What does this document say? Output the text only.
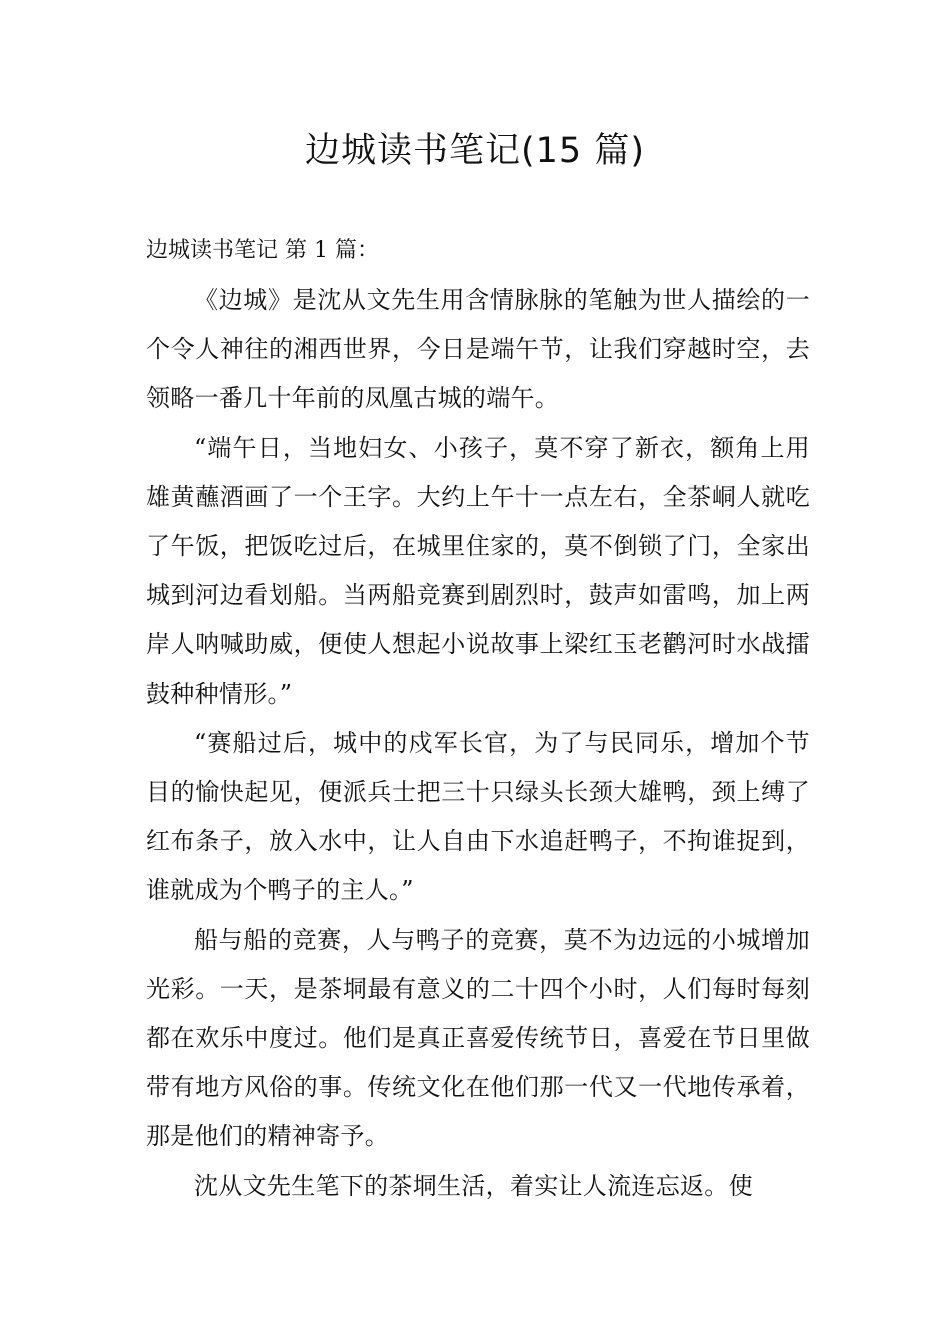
边城读书笔记(15 篇)

边城读书笔记 第 1 篇：

《边城》是沈从文先生用含情脉脉的笔触为世人描绘的一个令人神往的湘西世界，今日是端午节，让我们穿越时空，去领略一番几十年前的凤凰古城的端午。

“端午日，当地妇女、小孩子，莫不穿了新衣，额角上用雄黄蘸酒画了一个王字。大约上午十一点左右，全茶峒人就吃了午饭，把饭吃过后，在城里住家的，莫不倒锁了门，全家出城到河边看划船。当两船竞赛到剧烈时，鼓声如雷鸣，加上两岸人呐喊助威，便使人想起小说故事上梁红玉老鹳河时水战擂鼓种种情形。”

“赛船过后，城中的戍军长官，为了与民同乐，增加个节目的愉快起见，便派兵士把三十只绿头长颈大雄鸭，颈上缚了红布条子，放入水中，让人自由下水追赶鸭子，不拘谁捉到，谁就成为个鸭子的主人。”

船与船的竞赛，人与鸭子的竞赛，莫不为边远的小城增加光彩。一天，是茶垌最有意义的二十四个小时，人们每时每刻都在欢乐中度过。他们是真正喜爱传统节日，喜爱在节日里做带有地方风俗的事。传统文化在他们那一代又一代地传承着，那是他们的精神寄予。

沈从文先生笔下的茶垌生活，着实让人流连忘返。使
